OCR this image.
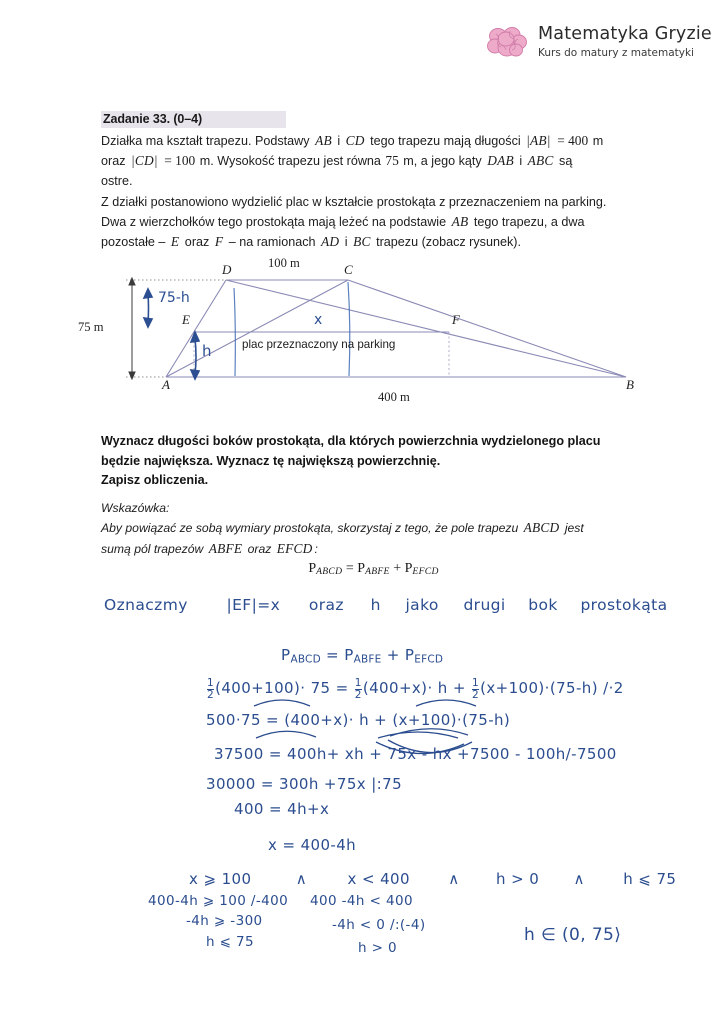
Matematyka Gryzie
Kurs do matury z matematyki
Zadanie 33. (0–4)

Działka ma kształt trapezu. Podstawy AB i CD tego trapezu mają długości |AB| = 400 m

oraz |CD| = 100 m. Wysokość trapezu jest równa 75 m, a jego kąty DAB i ABC są

ostre.

Z działki postanowiono wydzielić plac w kształcie prostokąta z przeznaczeniem na parking.

Dwa z wierzchołków tego prostokąta mają leżeć na podstawie AB tego trapezu, a dwa

pozostałe – E oraz F – na ramionach AD i BC trapezu (zobacz rysunek).

100 m
400 m
75 m
A	B
C
D
E	F
plac przeznaczony na parking
75-h
h
x

Wyznacz długości boków prostokąta, dla których powierzchnia wydzielonego placu

będzie największa. Wyznacz tę największą powierzchnię.

Zapisz obliczenia.

Wskazówka:

Aby powiązać ze sobą wymiary prostokąta, skorzystaj z tego, że pole trapezu ABCD jest

sumą pól trapezów ABFE oraz EFCD :

$P_{ABCD} = P_{ABFE} + P_{EFCD}$
Oznaczmy |EF|=x oraz h jako drugi bok prostokąta
PABCD = PABFE + PEFCD
$\frac{1}{2} (400+100)\cdot 75 = \frac{1}{2} (400+x)\cdot h + \frac{1}{2} (x+100)\cdot(75-h)$ /·2
500·75 = (400+x)· h + (x+100)·(75-h)
37500 = 400h+ xh + 75x - hx +7500 - 100h/-7500
30000 = 300h +75x |:75
400 = 4h+x
x = 400-4h
x ⩾ 100	∧	x < 400	∧ h > 0 ∧	h ⩽ 75
400-4h ⩾ 100 /-400
-4h ⩾ -300
h ⩽ 75
400 -4h < 400
-4h < 0 /:(-4)
h > 0
h ∈ (0, 75⟩
